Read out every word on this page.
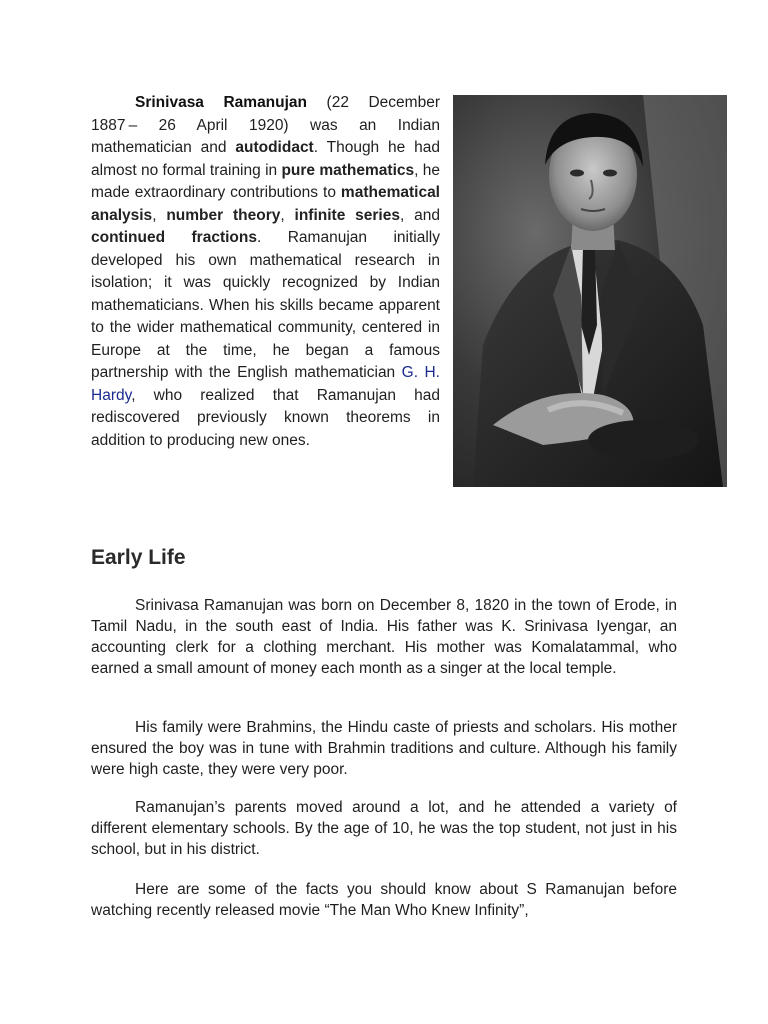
Srinivasa Ramanujan (22 December 1887 – 26 April 1920) was an Indian mathematician and autodidact. Though he had almost no formal training in pure mathematics, he made extraordinary contributions to mathematical analysis, number theory, infinite series, and continued fractions. Ramanujan initially developed his own mathematical research in isolation; it was quickly recognized by Indian mathematicians. When his skills became apparent to the wider mathematical community, centered in Europe at the time, he began a famous partnership with the English mathematician G. H. Hardy, who realized that Ramanujan had rediscovered previously known theorems in addition to producing new ones.

Early Life

Srinivasa Ramanujan was born on December 8, 1820 in the town of Erode, in Tamil Nadu, in the south east of India. His father was K. Srinivasa Iyengar, an accounting clerk for a clothing merchant. His mother was Komalatammal, who earned a small amount of money each month as a singer at the local temple.

His family were Brahmins, the Hindu caste of priests and scholars. His mother ensured the boy was in tune with Brahmin traditions and culture. Although his family were high caste, they were very poor.

Ramanujan’s parents moved around a lot, and he attended a variety of different elementary schools. By the age of 10, he was the top student, not just in his school, but in his district.

Here are some of the facts you should know about S Ramanujan before watching recently released movie “The Man Who Knew Infinity”,
